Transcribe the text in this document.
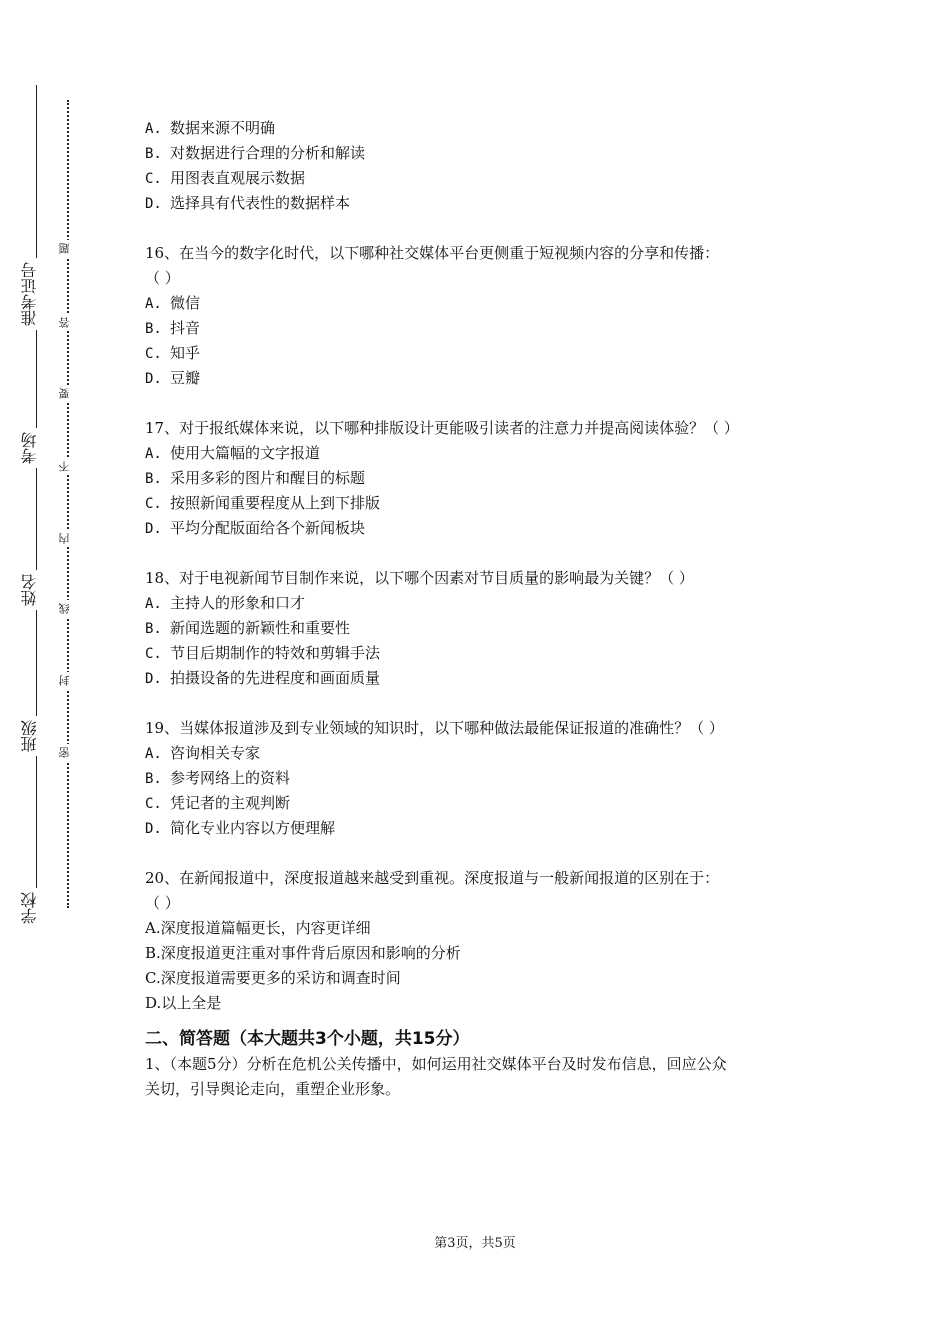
准考证号
考场
姓名
班级
学校
题
答
要
不
内
线
封
密
A. 数据来源不明确
B. 对数据进行合理的分析和解读
C. 用图表直观展示数据
D. 选择具有代表性的数据样本
16、在当今的数字化时代，以下哪种社交媒体平台更侧重于短视频内容的分享和传播：
（ ）
A. 微信
B. 抖音
C. 知乎
D. 豆瓣
17、对于报纸媒体来说，以下哪种排版设计更能吸引读者的注意力并提高阅读体验？（ ）
A. 使用大篇幅的文字报道
B. 采用多彩的图片和醒目的标题
C. 按照新闻重要程度从上到下排版
D. 平均分配版面给各个新闻板块
18、对于电视新闻节目制作来说，以下哪个因素对节目质量的影响最为关键？（ ）
A. 主持人的形象和口才
B. 新闻选题的新颖性和重要性
C. 节目后期制作的特效和剪辑手法
D. 拍摄设备的先进程度和画面质量
19、当媒体报道涉及到专业领域的知识时，以下哪种做法最能保证报道的准确性？（ ）
A. 咨询相关专家
B. 参考网络上的资料
C. 凭记者的主观判断
D. 简化专业内容以方便理解
20、在新闻报道中，深度报道越来越受到重视。深度报道与一般新闻报道的区别在于：
（ ）
A.深度报道篇幅更长，内容更详细
B.深度报道更注重对事件背后原因和影响的分析
C.深度报道需要更多的采访和调查时间
D.以上全是
二、简答题（本大题共3个小题，共15分）
1、（本题5分）分析在危机公关传播中，如何运用社交媒体平台及时发布信息，回应公众
关切，引导舆论走向，重塑企业形象。
第3页，共5页
